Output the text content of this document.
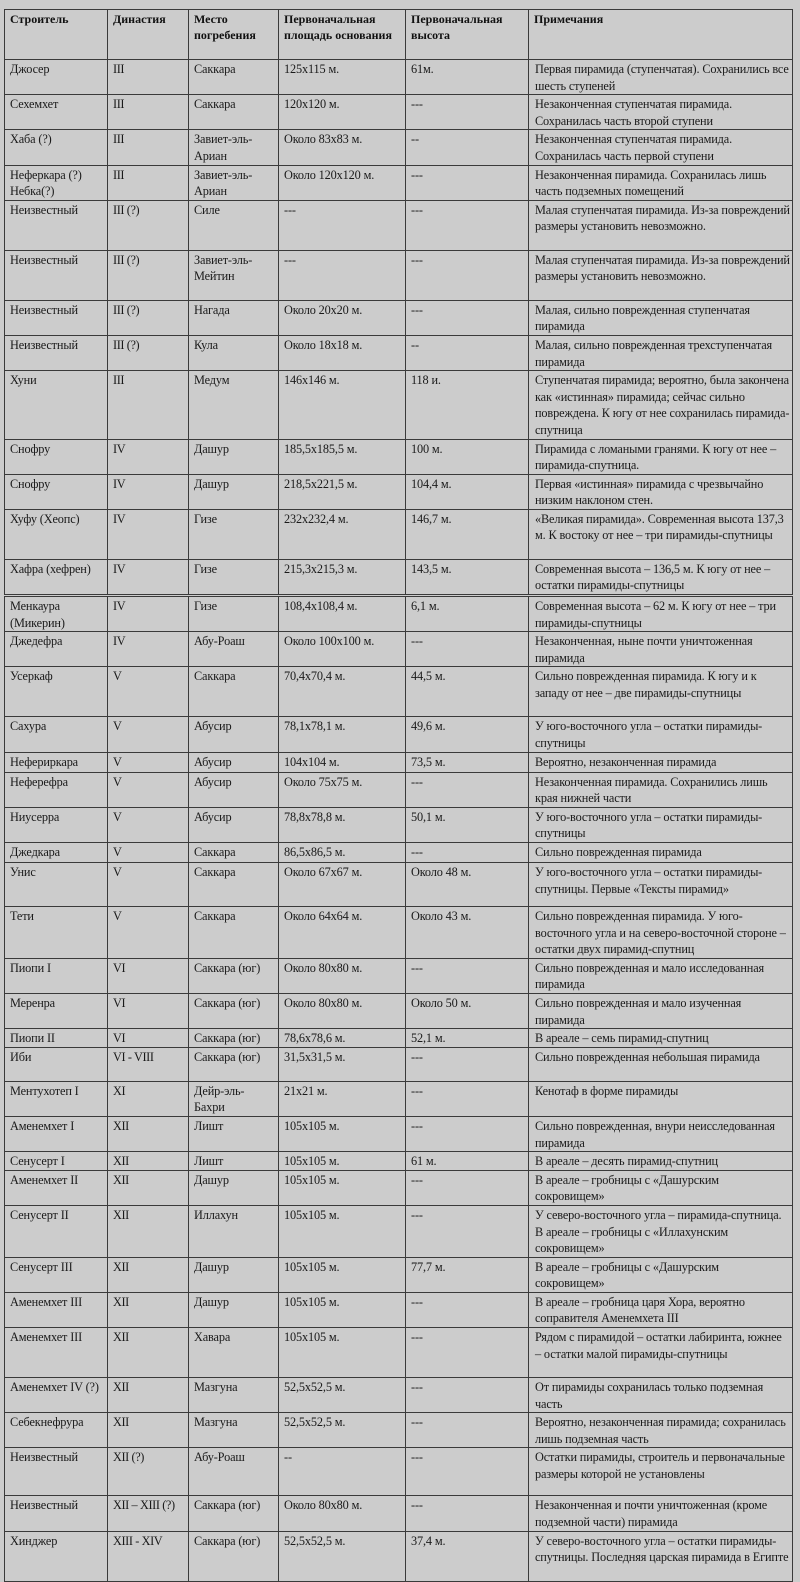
Строитель	Династия	Место погребения	Первоначальная площадь основания	Первоначальная высота	Примечания
Джосер	III	Саккара	125x115 м.	61м.	Первая пирамида (ступенчатая). Сохранились все шесть ступеней
Сехемхет	III	Саккара	120x120 м.	---	Незаконченная ступенчатая пирамида. Сохранилась часть второй ступени
Хаба (?)	III	Завиет-эль-Ариан	Около 83x83 м.	--	Незаконченная ступенчатая пирамида. Сохранилась часть первой ступени
Неферкара (?) Небка(?)	III	Завиет-эль-Ариан	Около 120x120 м.	---	Незаконченная пирамида. Сохранилась лишь часть подземных помещений
Неизвестный	III (?)	Силе	---	---	Малая ступенчатая пирамида. Из-за повреждений размеры установить невозможно.
Неизвестный	III (?)	Завиет-эль-Мейтин	---	---	Малая ступенчатая пирамида. Из-за повреждений размеры установить невозможно.
Неизвестный	III (?)	Нагада	Около 20x20 м.	---	Малая, сильно поврежденная ступенчатая пирамида
Неизвестный	III (?)	Кула	Около 18x18 м.	--	Малая, сильно поврежденная трехступенчатая пирамида
Хуни	III	Медум	146x146 м.	118 и.	Ступенчатая пирамида; вероятно, была закончена как «истинная» пирамида; сейчас сильно повреждена. К югу от нее сохранилась пирамида-спутница
Снофру	IV	Дашур	185,5x185,5 м.	100 м.	Пирамида с ломаными гранями. К югу от нее – пирамида-спутница.
Снофру	IV	Дашур	218,5x221,5 м.	104,4 м.	Первая «истинная» пирамида с чрезвычайно низким наклоном стен.
Хуфу (Хеопс)	IV	Гизе	232x232,4 м.	146,7 м.	«Великая пирамида». Современная высота 137,3 м. К востоку от нее – три пирамиды-спутницы
Хафра (хефрен)	IV	Гизе	215,3x215,3 м.	143,5 м.	Современная высота – 136,5 м. К югу от нее – остатки пирамиды-спутницы
Менкаура (Микерин)	IV	Гизе	108,4x108,4 м.	6,1 м.	Современная высота – 62 м. К югу от нее – три пирамиды-спутницы
Джедефра	IV	Абу-Роаш	Около 100x100 м.	---	Незаконченная, ныне почти уничтоженная пирамида
Усеркаф	V	Саккара	70,4x70,4 м.	44,5 м.	Сильно поврежденная пирамида. К югу и к западу от нее – две пирамиды-спутницы
Сахура	V	Абусир	78,1x78,1 м.	49,6 м.	У юго-восточного угла – остатки пирамиды-спутницы
Нефериркара	V	Абусир	104x104 м.	73,5 м.	Вероятно, незаконченная пирамида
Неферефра	V	Абусир	Около 75x75 м.	---	Незаконченная пирамида. Сохранились лишь края нижней части
Ниусерра	V	Абусир	78,8x78,8 м.	50,1 м.	У юго-восточного угла – остатки пирамиды-спутницы
Джедкара	V	Саккара	86,5x86,5 м.	---	Сильно поврежденная пирамида
Унис	V	Саккара	Около 67x67 м.	Около 48 м.	У юго-восточного угла – остатки пирамиды-спутницы. Первые «Тексты пирамид»
Тети	V	Саккара	Около 64x64 м.	Около 43 м.	Сильно поврежденная пирамида. У юго-восточного угла и на северо-восточной стороне – остатки двух пирамид-спутниц
Пиопи I	VI	Саккара (юг)	Около 80x80 м.	---	Сильно поврежденная и мало исследованная пирамида
Меренра	VI	Саккара (юг)	Около 80x80 м.	Около 50 м.	Сильно поврежденная и мало изученная пирамида
Пиопи II	VI	Саккара (юг)	78,6x78,6 м.	52,1 м.	В ареале – семь пирамид-спутниц
Иби	VI - VIII	Саккара (юг)	31,5x31,5 м.	---	Сильно поврежденная небольшая пирамида
Ментухотеп I	XI	Дейр-эль-Бахри	21x21 м.	---	Кенотаф в форме пирамиды
Аменемхет I	XII	Лишт	105x105 м.	---	Сильно поврежденная, внури неисследованная пирамида
Сенусерт I	XII	Лишт	105x105 м.	61 м.	В ареале – десять пирамид-спутниц
Аменемхет II	XII	Дашур	105x105 м.	---	В ареале – гробницы с «Дашурским сокровищем»
Сенусерт II	XII	Иллахун	105x105 м.	---	У северо-восточного угла – пирамида-спутница. В ареале – гробницы с «Иллахунским сокровищем»
Сенусерт III	XII	Дашур	105x105 м.	77,7 м.	В ареале – гробницы с «Дашурским сокровищем»
Аменемхет III	XII	Дашур	105x105 м.	---	В ареале – гробница царя Хора, вероятно соправителя Аменемхета III
Аменемхет III	XII	Хавара	105x105 м.	---	Рядом с пирамидой – остатки лабиринта, южнее – остатки малой пирамиды-спутницы
Аменемхет IV (?)	XII	Мазгуна	52,5x52,5 м.	---	От пирамиды сохранилась только подземная часть
Себекнефрура	XII	Мазгуна	52,5x52,5 м.	---	Вероятно, незаконченная пирамида; сохранилась лишь подземная часть
Неизвестный	XII (?)	Абу-Роаш	--	---	Остатки пирамиды, строитель и первоначальные размеры которой не установлены
Неизвестный	XII – XIII (?)	Саккара (юг)	Около 80x80 м.	---	Незаконченная и почти уничтоженная (кроме подземной части) пирамида
Хинджер	XIII - XIV	Саккара (юг)	52,5x52,5 м.	37,4 м.	У северо-восточного угла – остатки пирамиды-спутницы. Последняя царская пирамида в Египте
